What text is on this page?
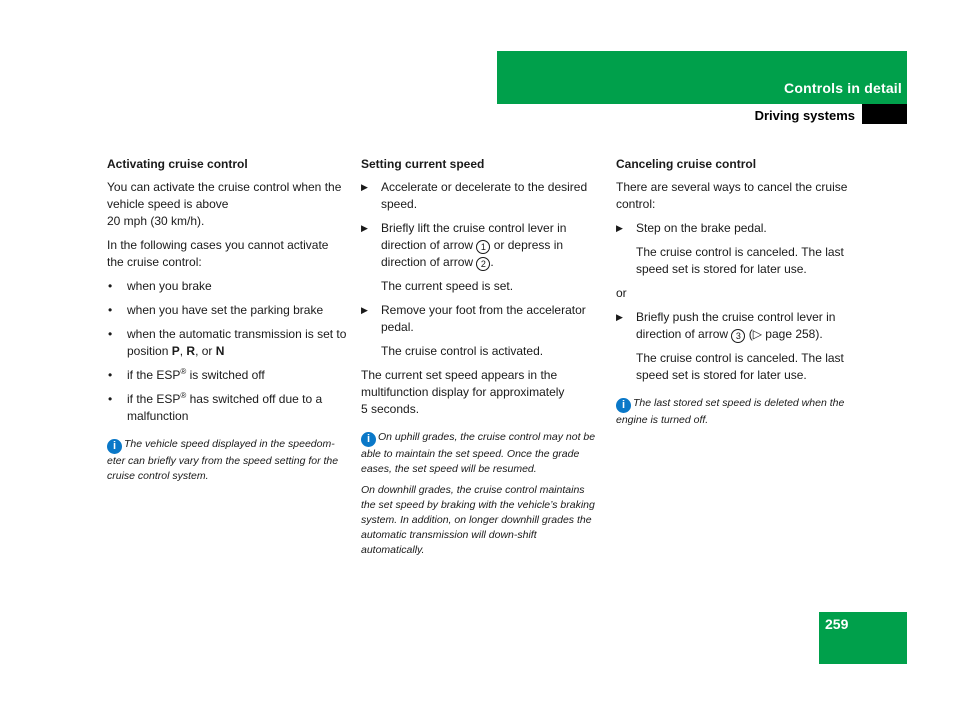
Controls in detail
Driving systems
Activating cruise control

You can activate the cruise control when the vehicle speed is above
20 mph (30 km/h).

In the following cases you cannot activate the cruise control:

• when you brake
• when you have set the parking brake
• when the automatic transmission is set to position P, R, or N
• if the ESP® is switched off
• if the ESP® has switched off due to a malfunction
i The vehicle speed displayed in the speedom-eter can briefly vary from the speed setting for the cruise control system.
Setting current speed
▶ Accelerate or decelerate to the desired speed.
▶ Briefly lift the cruise control lever in direction of arrow 1 or depress in direction of arrow 2 .

The current speed is set.

▶ Remove your foot from the accelerator pedal.

The cruise control is activated.

The current set speed appears in the multifunction display for approximately
5 seconds.

i On uphill grades, the cruise control may not be able to maintain the set speed. Once the grade eases, the set speed will be resumed.
On downhill grades, the cruise control maintains the set speed by braking with the vehicle’s braking system. In addition, on longer downhill grades the automatic transmission will down-shift automatically.
Canceling cruise control

There are several ways to cancel the cruise control:

▶ Step on the brake pedal.

The cruise control is canceled. The last speed set is stored for later use.

or

▶ Briefly push the cruise control lever in direction of arrow 3 (▷ page 258).

The cruise control is canceled. The last speed set is stored for later use.

i The last stored set speed is deleted when the engine is turned off.
259
